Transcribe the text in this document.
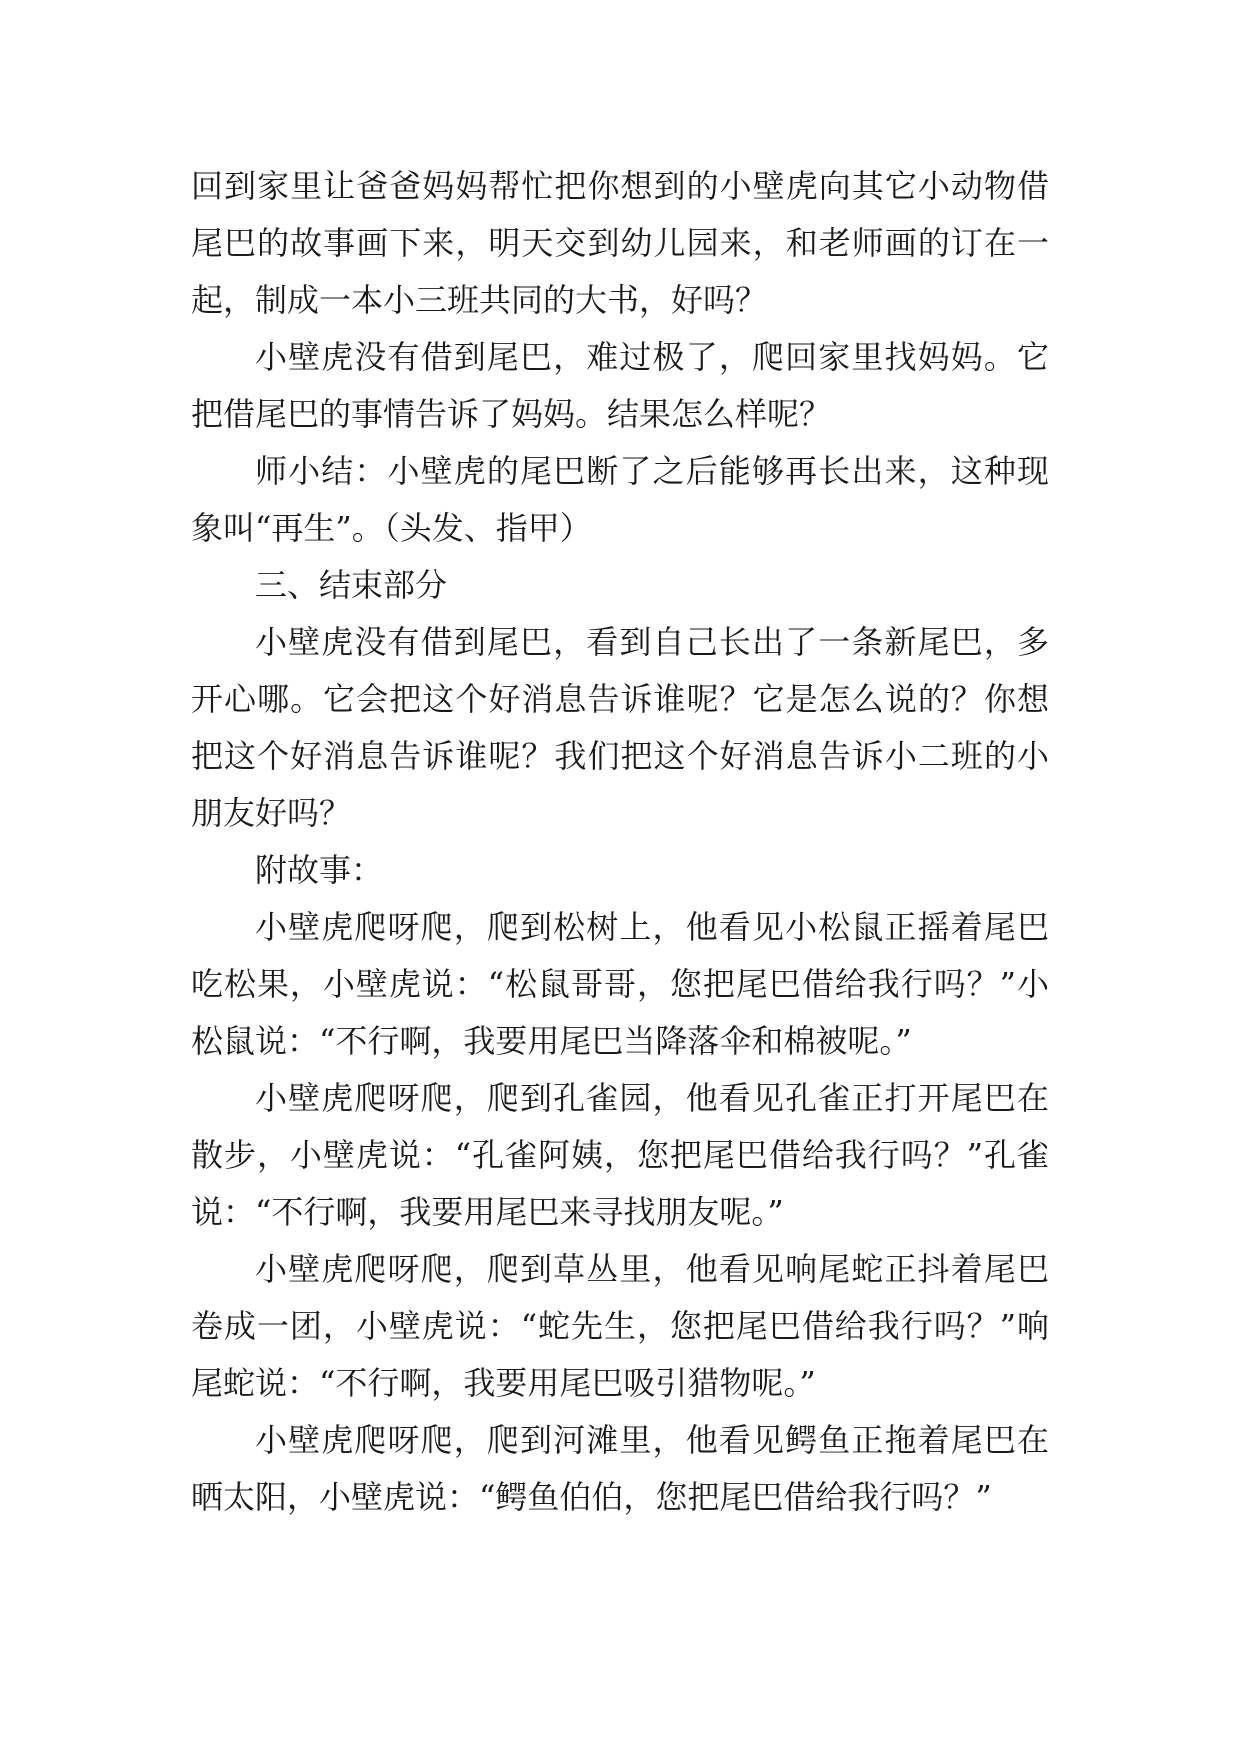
回到家里让爸爸妈妈帮忙把你想到的小壁虎向其它小动物借尾巴的故事画下来，明天交到幼儿园来，和老师画的订在一起，制成一本小三班共同的大书，好吗？

小壁虎没有借到尾巴，难过极了，爬回家里找妈妈。它把借尾巴的事情告诉了妈妈。结果怎么样呢？

师小结：小壁虎的尾巴断了之后能够再长出来，这种现象叫“再生”。（头发、指甲）

三、结束部分

小壁虎没有借到尾巴，看到自己长出了一条新尾巴，多开心哪。它会把这个好消息告诉谁呢？它是怎么说的？你想把这个好消息告诉谁呢？我们把这个好消息告诉小二班的小朋友好吗？

附故事：

小壁虎爬呀爬，爬到松树上，他看见小松鼠正摇着尾巴吃松果，小壁虎说：“松鼠哥哥，您把尾巴借给我行吗？”小松鼠说：“不行啊，我要用尾巴当降落伞和棉被呢。”

小壁虎爬呀爬，爬到孔雀园，他看见孔雀正打开尾巴在散步，小壁虎说：“孔雀阿姨，您把尾巴借给我行吗？”孔雀说：“不行啊，我要用尾巴来寻找朋友呢。”

小壁虎爬呀爬，爬到草丛里，他看见响尾蛇正抖着尾巴卷成一团，小壁虎说：“蛇先生，您把尾巴借给我行吗？”响尾蛇说：“不行啊，我要用尾巴吸引猎物呢。”

小壁虎爬呀爬，爬到河滩里，他看见鳄鱼正拖着尾巴在晒太阳，小壁虎说：“鳄鱼伯伯，您把尾巴借给我行吗？”
